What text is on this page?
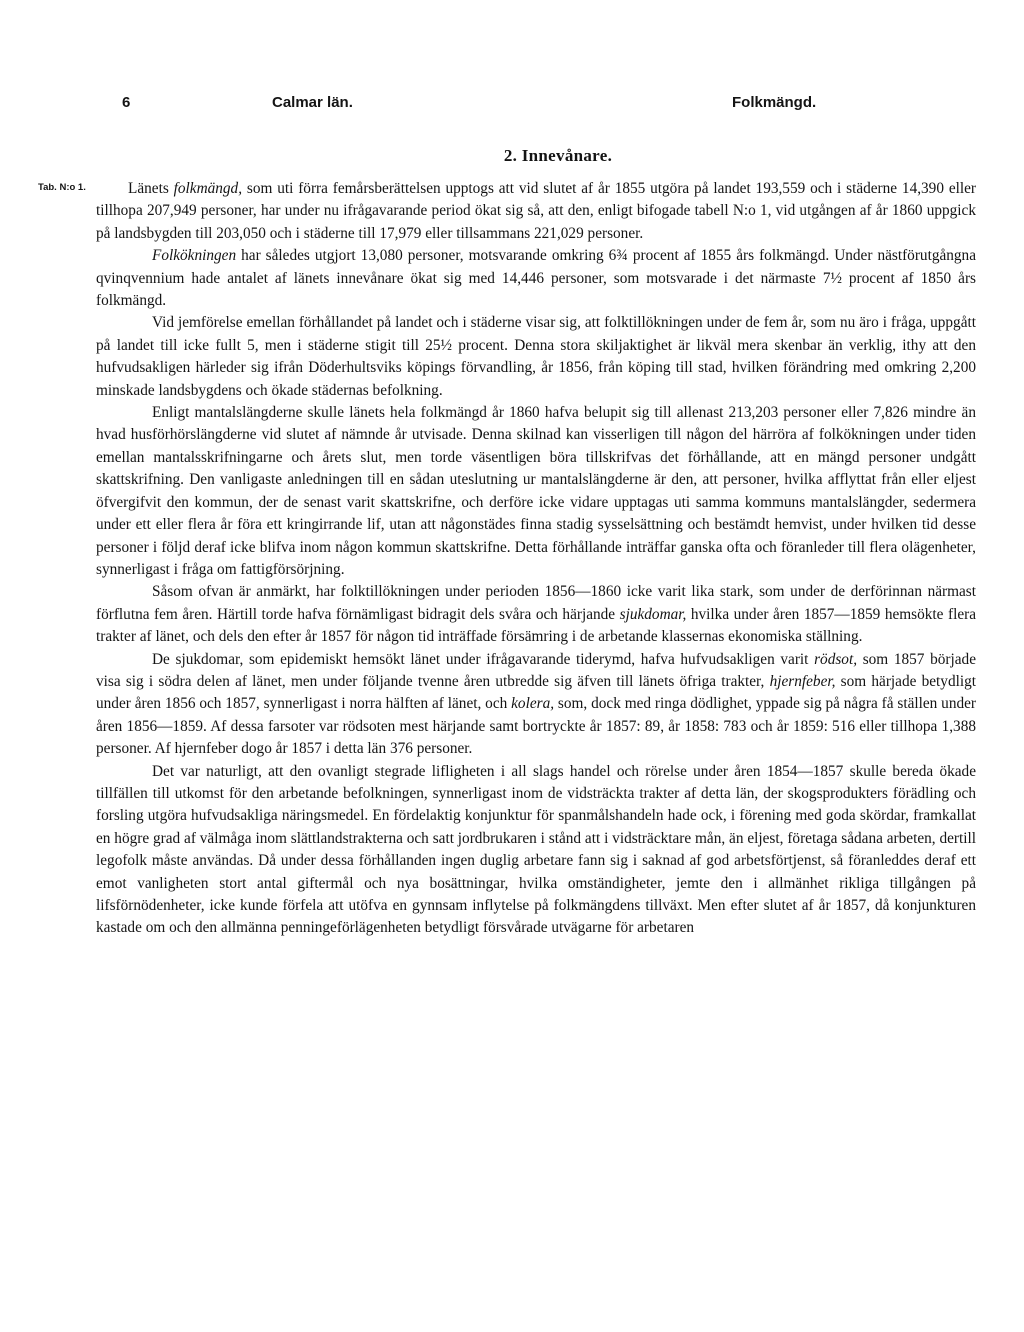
6	Calmar län.	Folkmängd.
2. Innevånare.
Tab. N:o 1.	Länets folkmängd, som uti förra femårsberättelsen upptogs att vid slutet af år 1855 utgöra på landet 193,559 och i städerne 14,390 eller tillhopa 207,949 personer, har under nu ifrågavarande period ökat sig så, att den, enligt bifogade tabell N:o 1, vid utgången af år 1860 uppgick på landsbygden till 203,050 och i städerne till 17,979 eller tillsammans 221,029 personer.

Folkökningen har således utgjort 13,080 personer, motsvarande omkring 6¾ procent af 1855 års folkmängd. Under nästförutgångna qvinqvennium hade antalet af länets innevånare ökat sig med 14,446 personer, som motsvarade i det närmaste 7½ procent af 1850 års folkmängd.

Vid jemförelse emellan förhållandet på landet och i städerne visar sig, att folktillökningen under de fem år, som nu äro i fråga, uppgått på landet till icke fullt 5, men i städerne stigit till 25½ procent. Denna stora skiljaktighet är likväl mera skenbar än verklig, ithy att den hufvudsakligen härleder sig ifrån Döderhultsviks köpings förvandling, år 1856, från köping till stad, hvilken förändring med omkring 2,200 minskade landsbygdens och ökade städernas befolkning.

Enligt mantalslängderne skulle länets hela folkmängd år 1860 hafva belupit sig till allenast 213,203 personer eller 7,826 mindre än hvad husförhörslängderne vid slutet af nämnde år utvisade. Denna skilnad kan visserligen till någon del härröra af folkökningen under tiden emellan mantalsskrifningarne och årets slut, men torde väsentligen böra tillskrifvas det förhållande, att en mängd personer undgått skattskrifning. Den vanligaste anledningen till en sådan uteslutning ur mantalslängderne är den, att personer, hvilka afflyttat från eller eljest öfvergifvit den kommun, der de senast varit skattskrifne, och derföre icke vidare upptagas uti samma kommuns mantalslängder, sedermera under ett eller flera år föra ett kringirrande lif, utan att någonstädes finna stadig sysselsättning och bestämdt hemvist, under hvilken tid desse personer i följd deraf icke blifva inom någon kommun skattskrifne. Detta förhållande inträffar ganska ofta och föranleder till flera olägenheter, synnerligast i fråga om fattigförsörjning.

Såsom ofvan är anmärkt, har folktillökningen under perioden 1856—1860 icke varit lika stark, som under de derförinnan närmast förflutna fem åren. Härtill torde hafva förnämligast bidragit dels svåra och härjande sjukdomar, hvilka under åren 1857—1859 hemsökte flera trakter af länet, och dels den efter år 1857 för någon tid inträffade försämring i de arbetande klassernas ekonomiska ställning.

De sjukdomar, som epidemiskt hemsökt länet under ifrågavarande tiderymd, hafva hufvudsakligen varit rödsot, som 1857 började visa sig i södra delen af länet, men under följande tvenne åren utbredde sig äfven till länets öfriga trakter, hjernfeber, som härjade betydligt under åren 1856 och 1857, synnerligast i norra hälften af länet, och kolera, som, dock med ringa dödlighet, yppade sig på några få ställen under åren 1856—1859. Af dessa farsoter var rödsoten mest härjande samt bortryckte år 1857: 89, år 1858: 783 och år 1859: 516 eller tillhopa 1,388 personer. Af hjernfeber dogo år 1857 i detta län 376 personer.

Det var naturligt, att den ovanligt stegrade lifligheten i all slags handel och rörelse under åren 1854—1857 skulle bereda ökade tillfällen till utkomst för den arbetande befolkningen, synnerligast inom de vidsträckta trakter af detta län, der skogsprodukters förädling och forsling utgöra hufvudsakliga näringsmedel. En fördelaktig konjunktur för spanmålshandeln hade ock, i förening med goda skördar, framkallat en högre grad af välmåga inom slättlandstrakterna och satt jordbrukaren i stånd att i vidsträcktare mån, än eljest, företaga sådana arbeten, dertill legofolk måste användas. Då under dessa förhållanden ingen duglig arbetare fann sig i saknad af god arbetsförtjenst, så föranleddes deraf ett emot vanligheten stort antal giftermål och nya bosättningar, hvilka omständigheter, jemte den i allmänhet rikliga tillgången på lifsförnödenheter, icke kunde förfela att utöfva en gynnsam inflytelse på folkmängdens tillväxt. Men efter slutet af år 1857, då konjunkturen kastade om och den allmänna penningeförlägenheten betydligt försvårade utvägarne för arbetaren
